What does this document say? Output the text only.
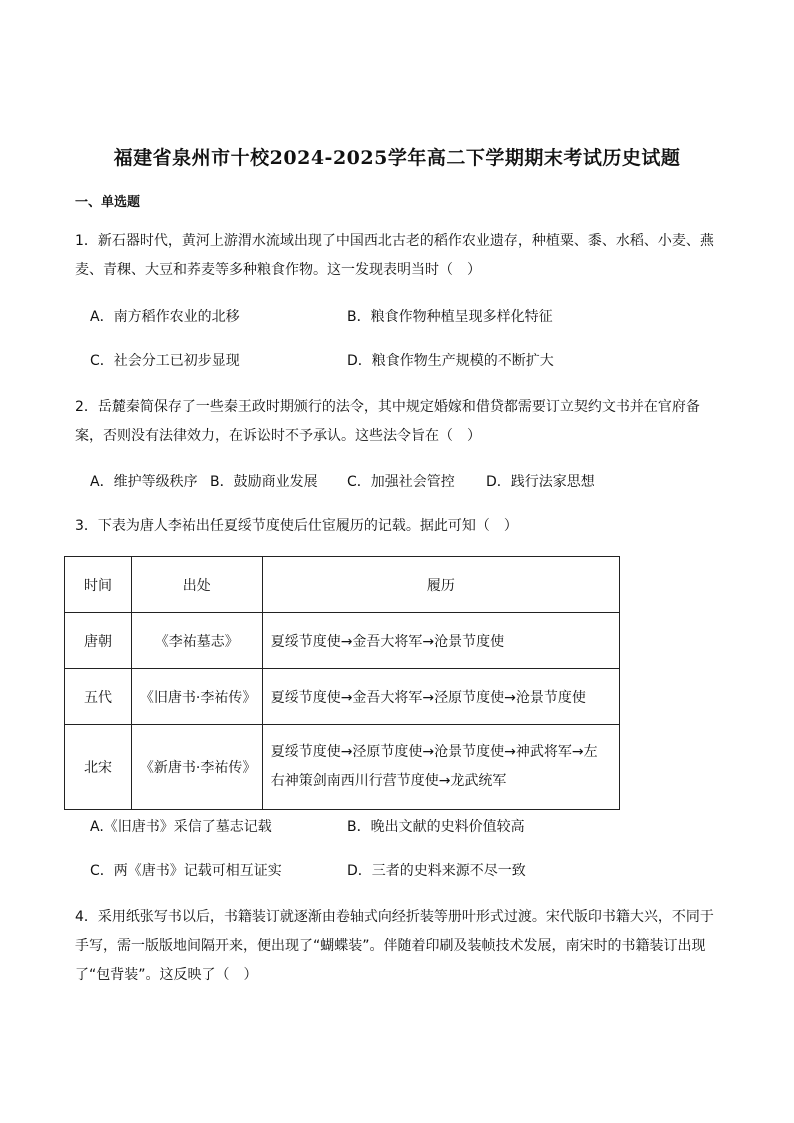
福建省泉州市十校2024-2025学年高二下学期期末考试历史试题
一、单选题
1．新石器时代，黄河上游渭水流域出现了中国西北古老的稻作农业遗存，种植粟、黍、水稻、小麦、燕麦、青稞、大豆和荞麦等多种粮食作物。这一发现表明当时（　）
A．南方稻作农业的北移	B．粮食作物种植呈现多样化特征
C．社会分工已初步显现	D．粮食作物生产规模的不断扩大
2．岳麓秦简保存了一些秦王政时期颁行的法令，其中规定婚嫁和借贷都需要订立契约文书并在官府备案，否则没有法律效力，在诉讼时不予承认。这些法令旨在（　）
A．维护等级秩序 B．鼓励商业发展 C．加强社会管控 D．践行法家思想
3．下表为唐人李祐出任夏绥节度使后仕宦履历的记载。据此可知（　）
时间	出处	履历
唐朝	《李祐墓志》	夏绥节度使→金吾大将军→沧景节度使
五代	《旧唐书·李祐传》	夏绥节度使→金吾大将军→泾原节度使→沧景节度使
北宋	《新唐书·李祐传》	夏绥节度使→泾原节度使→沧景节度使→神武将军→左右神策剑南西川行营节度使→龙武统军
A.《旧唐书》采信了墓志记载	B．晚出文献的史料价值较高
C．两《唐书》记载可相互证实	D．三者的史料来源不尽一致
4．采用纸张写书以后，书籍装订就逐渐由卷轴式向经折装等册叶形式过渡。宋代版印书籍大兴，不同于手写，需一版版地间隔开来，便出现了“蝴蝶装”。伴随着印刷及装帧技术发展，南宋时的书籍装订出现了“包背装”。这反映了（　）
